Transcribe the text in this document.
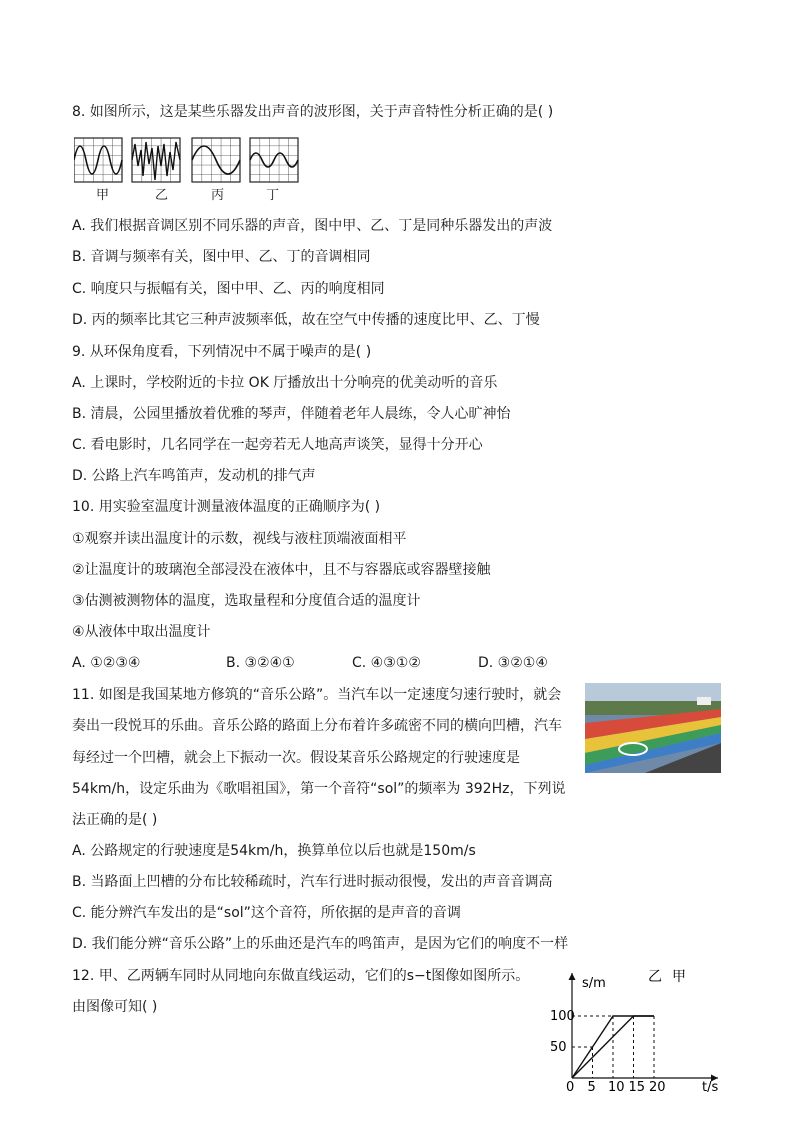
8. 如图所示，这是某些乐器发出声音的波形图，关于声音特性分析正确的是( )
甲	乙	丙	丁
A. 我们根据音调区别不同乐器的声音，图中甲、乙、丁是同种乐器发出的声波
B. 音调与频率有关，图中甲、乙、丁的音调相同
C. 响度只与振幅有关，图中甲、乙、丙的响度相同
D. 丙的频率比其它三种声波频率低，故在空气中传播的速度比甲、乙、丁慢
9. 从环保角度看，下列情况中不属于噪声的是( )
A. 上课时，学校附近的卡拉 OK 厅播放出十分响亮的优美动听的音乐
B. 清晨，公园里播放着优雅的琴声，伴随着老年人晨练，令人心旷神怡
C. 看电影时，几名同学在一起旁若无人地高声谈笑，显得十分开心
D. 公路上汽车鸣笛声，发动机的排气声
10. 用实验室温度计测量液体温度的正确顺序为( )
①观察并读出温度计的示数，视线与液柱顶端液面相平
②让温度计的玻璃泡全部浸没在液体中，且不与容器底或容器壁接触
③估测被测物体的温度，选取量程和分度值合适的温度计
④从液体中取出温度计
A. ①②③④	B. ③②④①	C. ④③①②	D. ③②①④
11. 如图是我国某地方修筑的“音乐公路”。当汽车以一定速度匀速行驶时，就会
奏出一段悦耳的乐曲。音乐公路的路面上分布着许多疏密不同的横向凹槽，汽车
每经过一个凹槽，就会上下振动一次。假设某音乐公路规定的行驶速度是
54km/h，设定乐曲为《歌唱祖国》，第一个音符“sol”的频率为 392Hz，下列说
法正确的是( )
A. 公路规定的行驶速度是54km/h，换算单位以后也就是150m/s
B. 当路面上凹槽的分布比较稀疏时，汽车行进时振动很慢，发出的声音音调高
C. 能分辨汽车发出的是“sol”这个音符，所依据的是声音的音调
D. 我们能分辨“音乐公路”上的乐曲还是汽车的鸣笛声，是因为它们的响度不一样
12. 甲、乙两辆车同时从同地向东做直线运动，它们的s−t图像如图所示。
由图像可知( )
50
100
5 10 15 20
s/m
t/s
0
乙 甲
